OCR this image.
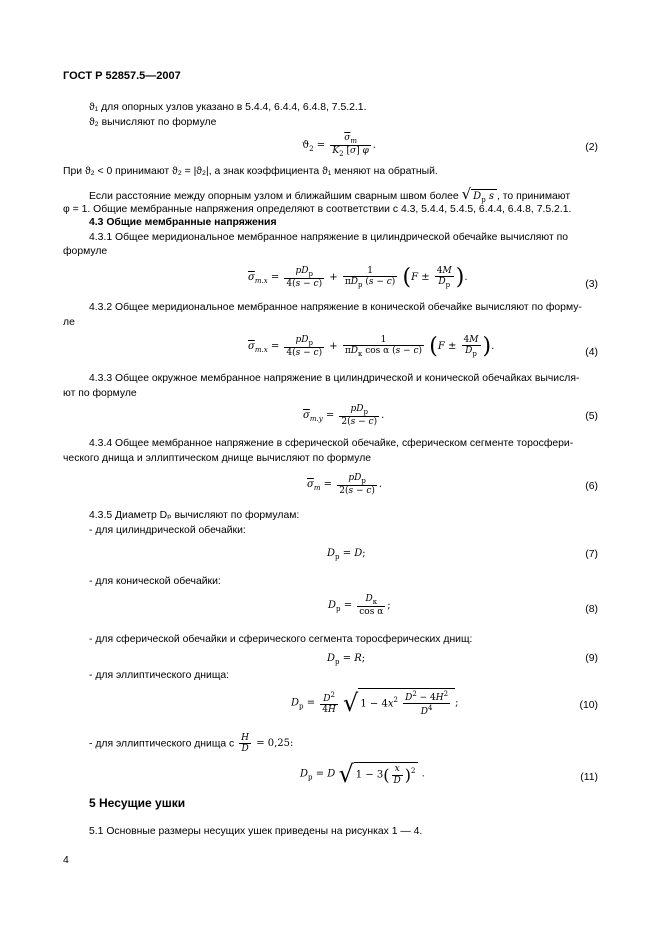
ГОСТ Р 52857.5—2007
ϑ₁ для опорных узлов указано в 5.4.4, 6.4.4, 6.4.8, 7.5.2.1.
ϑ₂ вычисляют по формуле
$ϑ_2 = \frac{\overline{\sigma}_m}{K_2 [\sigma] \varphi}$ .	(2)
При ϑ₂ < 0 принимают ϑ₂ = |ϑ₂|, а знак коэффициента ϑ₁ меняют на обратный.
Если расстояние между опорным узлом и ближайшим сварным швом более √ $D_р$ s , то принимают
φ = 1. Общие мембранные напряжения определяют в соответствии с 4.3, 5.4.4, 5.4.5, 6.4.4, 6.4.8, 7.5.2.1.
4.3 Общие мембранные напряжения
4.3.1 Общее меридиональное мембранное напряжение в цилиндрической обечайке вычисляют по
формуле
$\overline{\sigma}_{m.x} = \frac{pD_р}{4(s - c)} + \frac{1}{\pi D_р (s - c)} (F \pm \frac{4M}{D_р}$ ).
(3)
4.3.2 Общее меридиональное мембранное напряжение в конической обечайке вычисляют по форму-
ле
$\overline{\sigma}_{m.x} = \frac{pD_р}{4(s - c)} + \frac{1}{\pi D_к \cos \alpha (s - c)} (F \pm \frac{4M}{D_р}$ ).
(4)
4.3.3 Общее окружное мембранное напряжение в цилиндрической и конической обечайках вычисля-
ют по формуле
$\overline{\sigma}_{m.y} = \frac{pD_р}{2(s - c)}$ .	(5)
4.3.4 Общее мембранное напряжение в сферической обечайке, сферическом сегменте торосфери-
ческого днища и эллиптическом днище вычисляют по формуле
$\overline{\sigma}_m = \frac{pD_р}{2(s - c)}$ .	(6)
4.3.5 Диаметр Dₚ вычисляют по формулам:
- для цилиндрической обечайки:
$D_р = D$;	(7)
- для конической обечайки:
$D_р = \frac{D_к}{\text{cos α}}$ ;	(8)
- для сферической обечайки и сферического сегмента торосферических днищ:
$D_р = R$;	(9)
- для эллиптического днища:
$D_р = \frac{D^2}{4H}$ √ $1 - 4x^2 \frac{D^2 - 4H^2}{D^4}$ ;	(10)
- для эллиптического днища с $\frac{H}{D} = 0,25$:
$D_р = D$ √ $1 - 3( \frac{x}{D} )^2$ .	(11)
5 Несущие ушки
5.1 Основные размеры несущих ушек приведены на рисунках 1 — 4.
4
